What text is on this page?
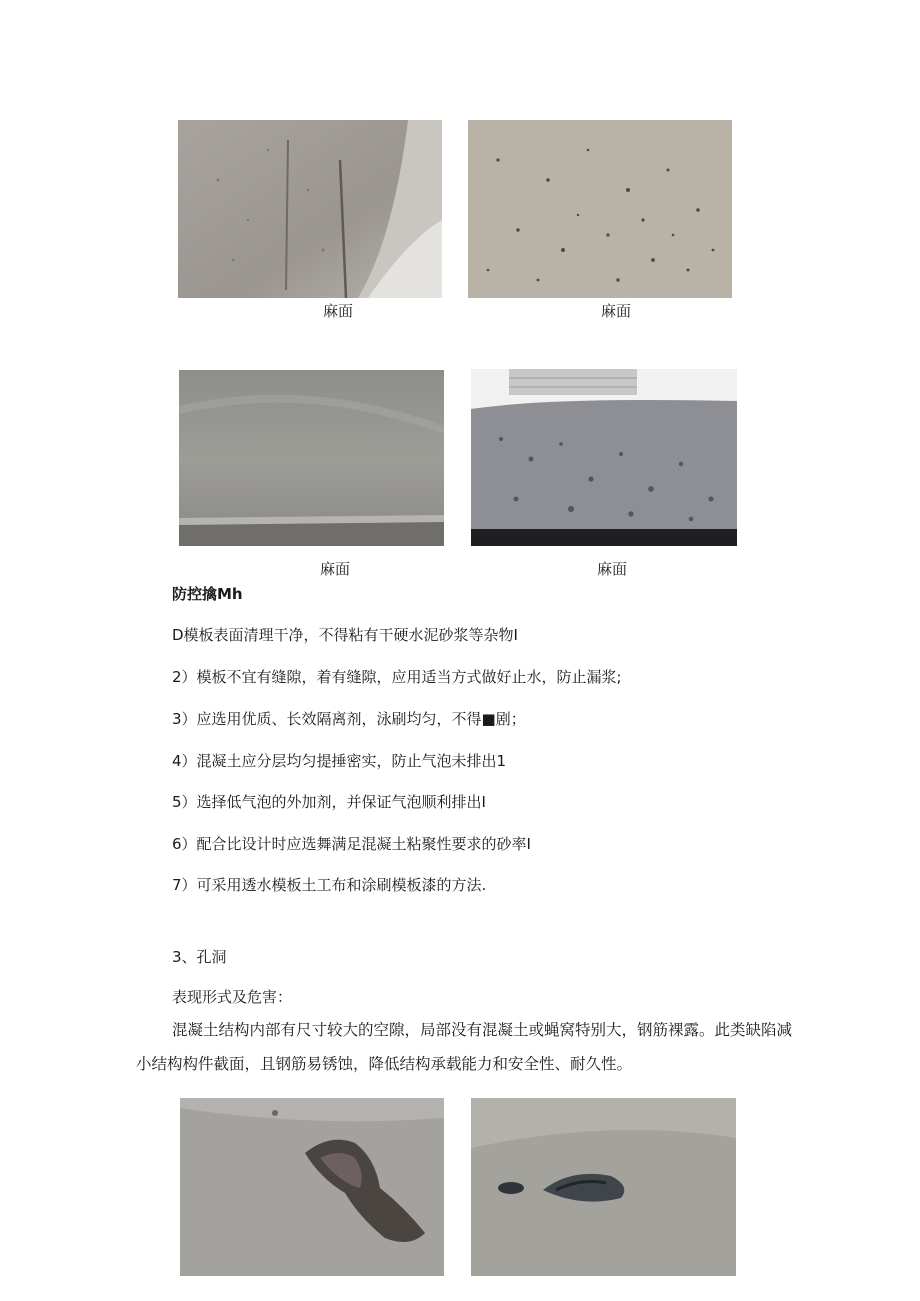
麻面	麻面
麻面	麻面
防控擒Mh
D模板表面清理干净，不得粘有干硬水泥砂浆等杂物I
2）模板不宜有缝隙，着有缝隙，应用适当方式做好止水，防止漏浆;
3）应选用优质、长效隔离剂，泳刷均匀，不得■剧；
4）混凝土应分层均匀提捶密实，防止气泡未排出1
5）选择低气泡的外加剂，并保证气泡顺利排出I
6）配合比设计时应选舞满足混凝土粘聚性要求的砂率I
7）可采用透水模板土工布和涂刷模板漆的方法.
3、孔洞
表现形式及危害：
混凝土结构内部有尺寸较大的空隙，局部没有混凝土或蝇窝特别大，钢筋裸露。此类缺陷减小结构构件截面，且钢筋易锈蚀，降低结构承载能力和安全性、耐久性。
